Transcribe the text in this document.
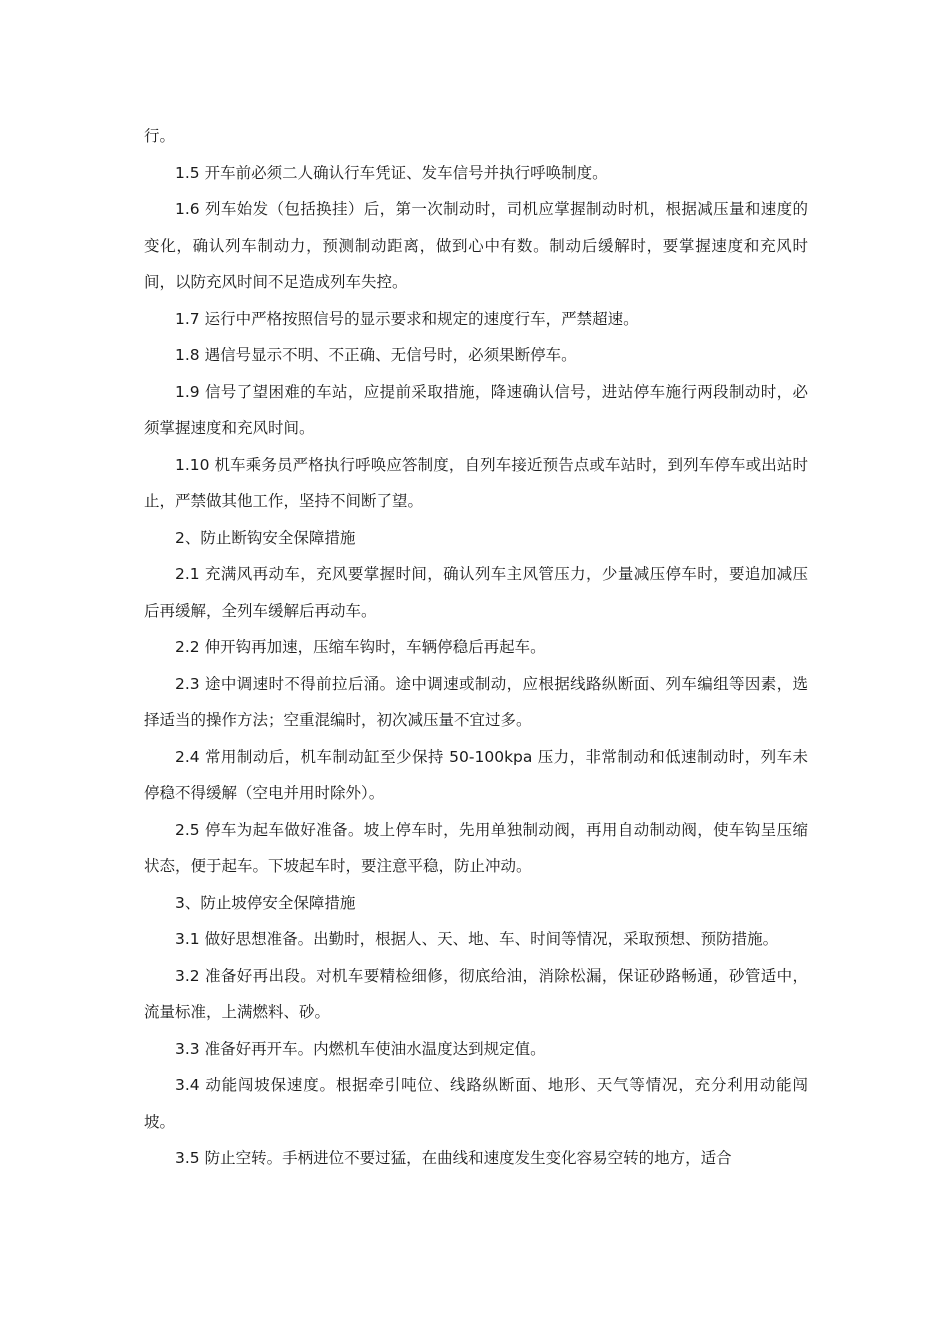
行。

1.5 开车前必须二人确认行车凭证、发车信号并执行呼唤制度。

1.6 列车始发（包括换挂）后，第一次制动时，司机应掌握制动时机，根据减压量和速度的变化，确认列车制动力，预测制动距离，做到心中有数。制动后缓解时，要掌握速度和充风时间，以防充风时间不足造成列车失控。

1.7 运行中严格按照信号的显示要求和规定的速度行车，严禁超速。

1.8 遇信号显示不明、不正确、无信号时，必须果断停车。

1.9 信号了望困难的车站，应提前采取措施，降速确认信号，进站停车施行两段制动时，必须掌握速度和充风时间。

1.10 机车乘务员严格执行呼唤应答制度，自列车接近预告点或车站时，到列车停车或出站时止，严禁做其他工作，坚持不间断了望。

2、防止断钩安全保障措施

2.1 充满风再动车，充风要掌握时间，确认列车主风管压力，少量减压停车时，要追加减压后再缓解，全列车缓解后再动车。

2.2 伸开钩再加速，压缩车钩时，车辆停稳后再起车。

2.3 途中调速时不得前拉后涌。途中调速或制动，应根据线路纵断面、列车编组等因素，选择适当的操作方法；空重混编时，初次减压量不宜过多。

2.4 常用制动后，机车制动缸至少保持 50-100kpa 压力，非常制动和低速制动时，列车未停稳不得缓解（空电并用时除外）。

2.5 停车为起车做好准备。坡上停车时，先用单独制动阀，再用自动制动阀，使车钩呈压缩状态，便于起车。下坡起车时，要注意平稳，防止冲动。

3、防止坡停安全保障措施

3.1 做好思想准备。出勤时，根据人、天、地、车、时间等情况，采取预想、预防措施。

3.2 准备好再出段。对机车要精检细修，彻底给油，消除松漏，保证砂路畅通，砂管适中，流量标准，上满燃料、砂。

3.3 准备好再开车。内燃机车使油水温度达到规定值。

3.4 动能闯坡保速度。根据牵引吨位、线路纵断面、地形、天气等情况，充分利用动能闯坡。

3.5 防止空转。手柄进位不要过猛，在曲线和速度发生变化容易空转的地方，适合
